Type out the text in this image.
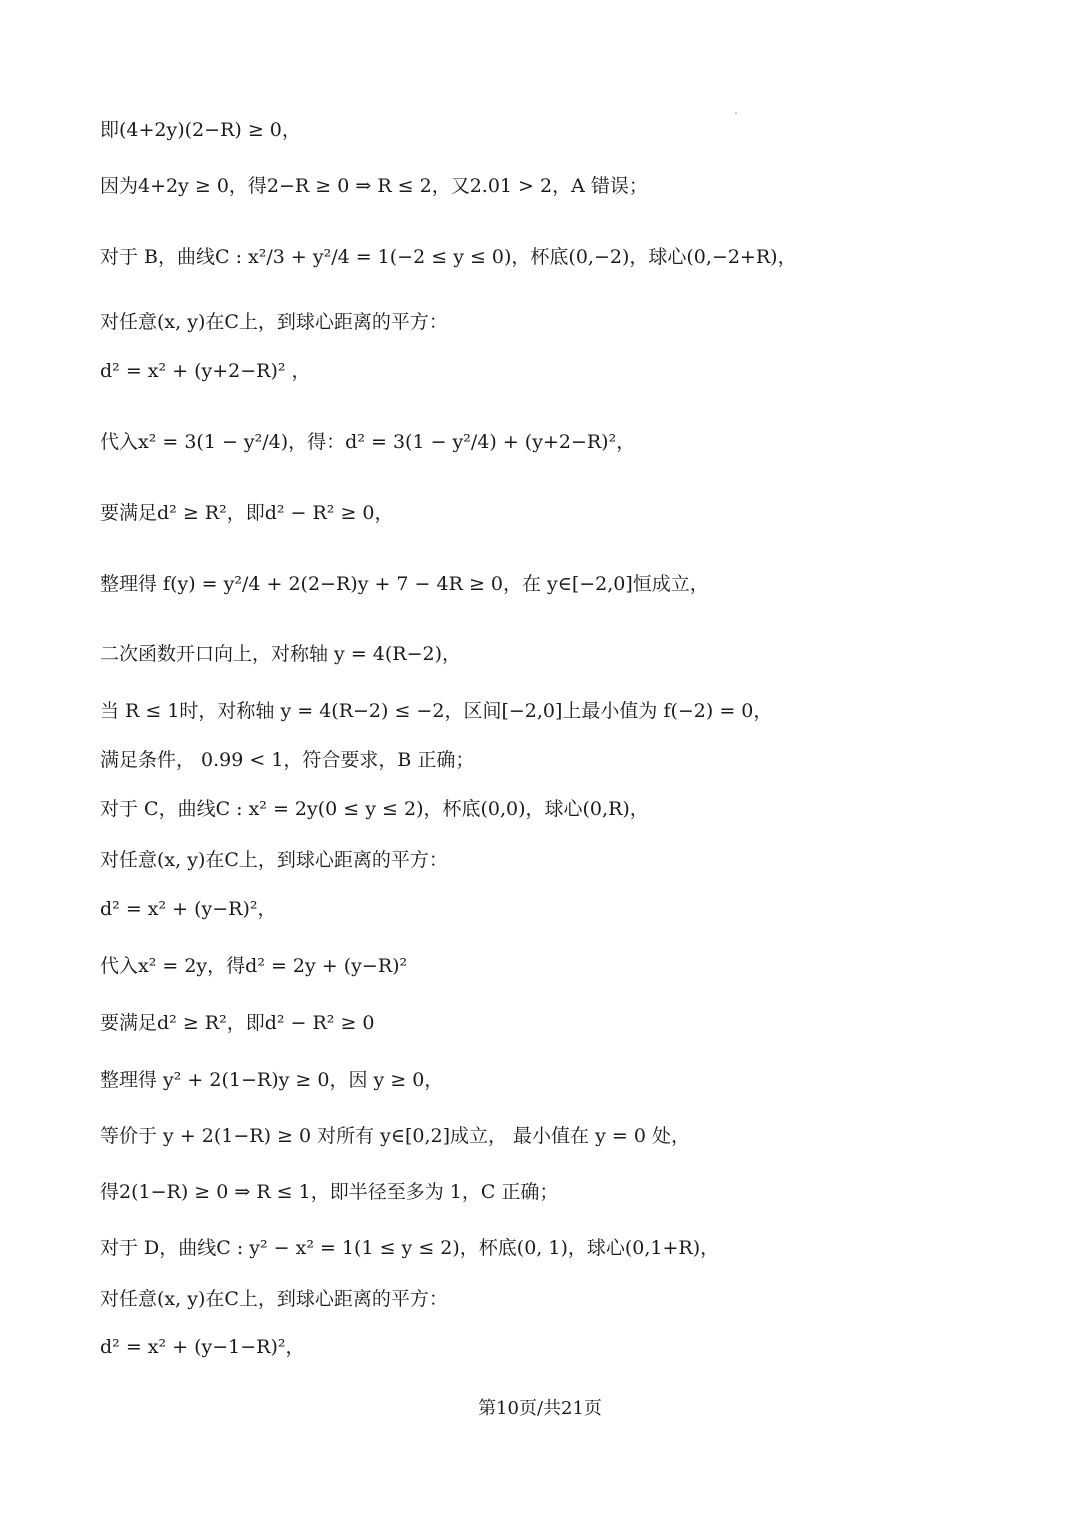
即(4+2y)(2−R) ≥ 0，
因为4+2y ≥ 0，得2−R ≥ 0 ⇒ R ≤ 2，又2.01 > 2，A 错误；
对于 B，曲线C : x²/3 + y²/4 = 1(−2 ≤ y ≤ 0)，杯底(0,−2)，球心(0,−2+R)，
对任意(x, y)在C上，到球心距离的平方：
d² = x² + (y+2−R)² ，
代入x² = 3(1 − y²/4)，得：d² = 3(1 − y²/4) + (y+2−R)²，
要满足d² ≥ R²，即d² − R² ≥ 0，
整理得 f(y) = y²/4 + 2(2−R)y + 7 − 4R ≥ 0，在 y∈[−2,0]恒成立，
二次函数开口向上，对称轴 y = 4(R−2)，
当 R ≤ 1时，对称轴 y = 4(R−2) ≤ −2，区间[−2,0]上最小值为 f(−2) = 0，
满足条件， 0.99 < 1，符合要求，B 正确；
对于 C，曲线C : x² = 2y(0 ≤ y ≤ 2)，杯底(0,0)，球心(0,R)，
对任意(x, y)在C上，到球心距离的平方：
d² = x² + (y−R)²，
代入x² = 2y，得d² = 2y + (y−R)²
要满足d² ≥ R²，即d² − R² ≥ 0
整理得 y² + 2(1−R)y ≥ 0，因 y ≥ 0，
等价于 y + 2(1−R) ≥ 0 对所有 y∈[0,2]成立， 最小值在 y = 0 处，
得2(1−R) ≥ 0 ⇒ R ≤ 1，即半径至多为 1，C 正确；
对于 D，曲线C : y² − x² = 1(1 ≤ y ≤ 2)，杯底(0, 1)，球心(0,1+R)，
对任意(x, y)在C上，到球心距离的平方：
d² = x² + (y−1−R)²，
第10页/共21页
